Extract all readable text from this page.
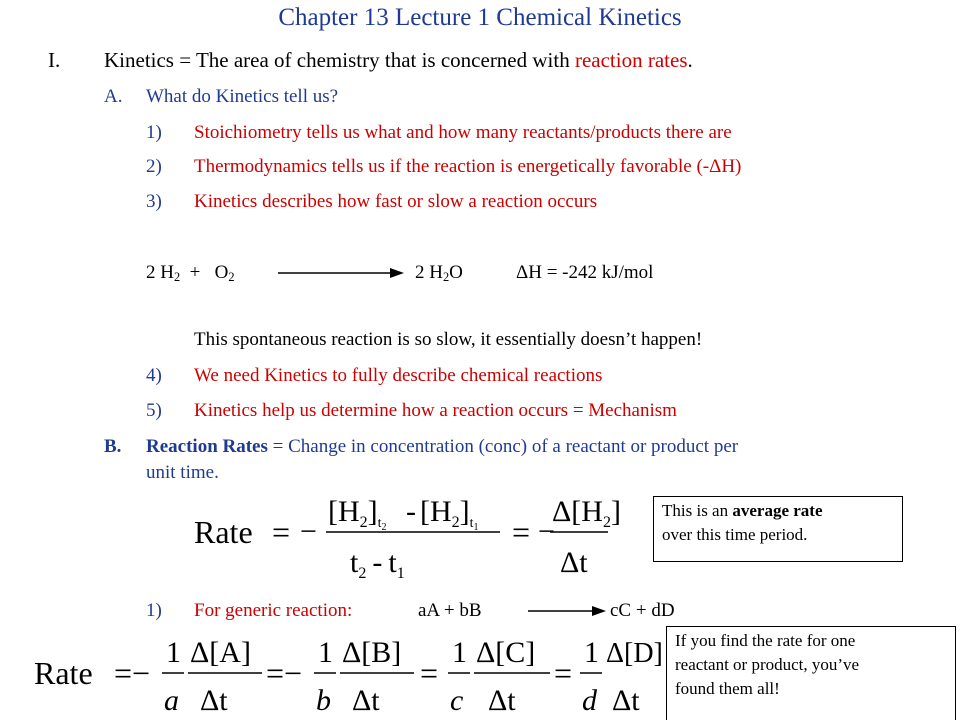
Chapter 13 Lecture 1 Chemical Kinetics
I. Kinetics = The area of chemistry that is concerned with reaction rates.
A. What do Kinetics tell us?
1) Stoichiometry tells us what and how many reactants/products there are
2) Thermodynamics tells us if the reaction is energetically favorable (-ΔH)
3) Kinetics describes how fast or slow a reaction occurs
2 $H_2 + O_2$	2 $H_2O$	ΔH = -242 kJ/mol
This spontaneous reaction is so slow, it essentially doesn’t happen!
4) We need Kinetics to fully describe chemical reactions
5) Kinetics help us determine how a reaction occurs = Mechanism
B. Reaction Rates = Change in concentration (conc) of a reactant or product per
unit time.
Rate = −
$[H_2]_t2 - [H_2]_t1$
$t_2 - t_1$
= −
$\Delta[H_2]$
Δt
This is an average rate
over this time period.
1) For generic reaction:	aA + bB	cC + dD
Rate =−
1
a
Δ[A]
Δt
=−
1
b
Δ[B]
Δt
=
1
c
Δ[C]
Δt
=
1
d
Δ[D]
Δt
If you find the rate for one
reactant or product, you’ve
found them all!
